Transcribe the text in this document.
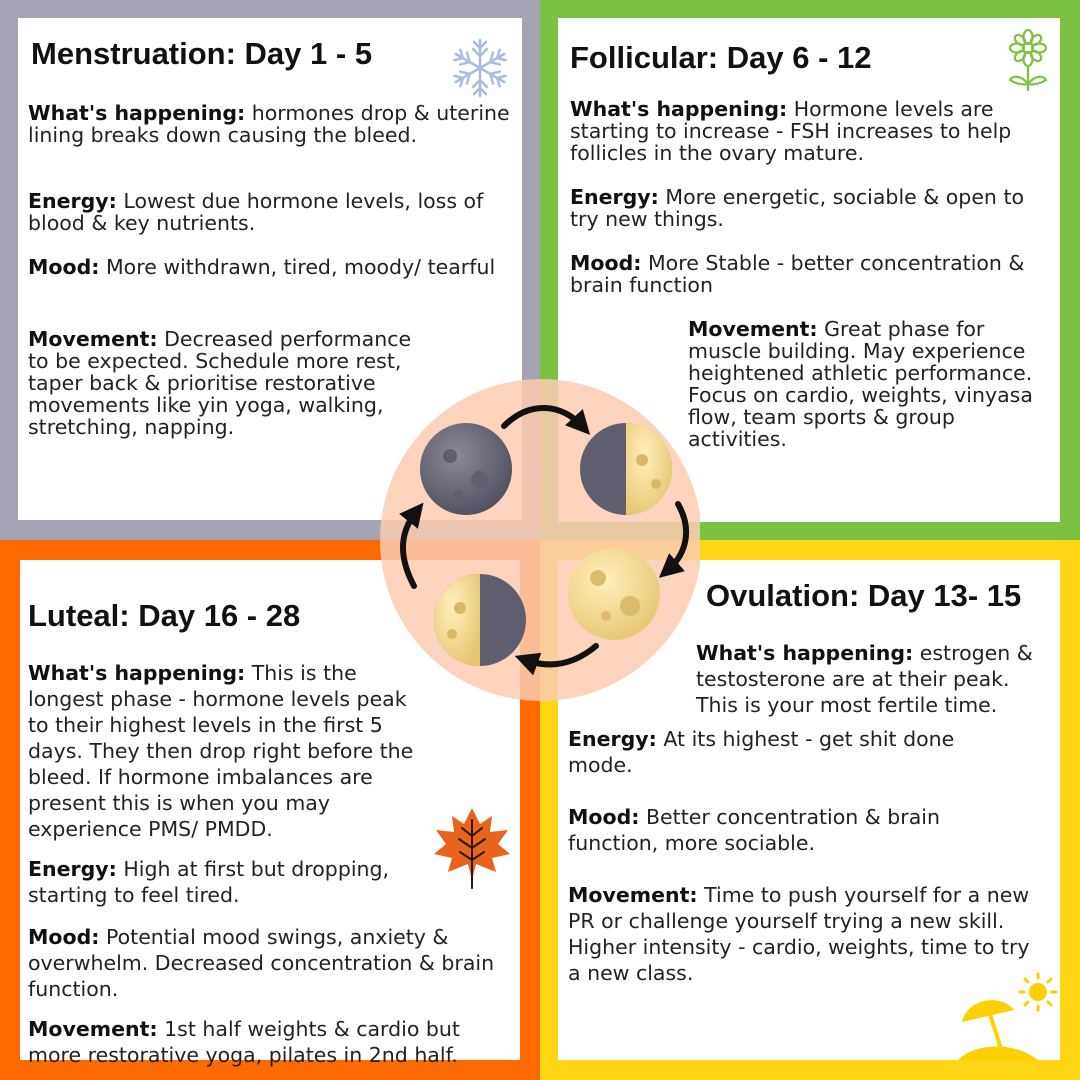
Menstruation: Day 1 - 5

What's happening: hormones drop & uterine lining breaks down causing the bleed.

Energy: Lowest due hormone levels, loss of blood & key nutrients.

Mood: More withdrawn, tired, moody/ tearful

Movement: Decreased performance to be expected. Schedule more rest, taper back & prioritise restorative movements like yin yoga, walking, stretching, napping.

Follicular: Day 6 - 12

What's happening: Hormone levels are starting to increase - FSH increases to help follicles in the ovary mature.

Energy: More energetic, sociable & open to try new things.

Mood: More Stable - better concentration & brain function

Movement: Great phase for muscle building. May experience heightened athletic performance. Focus on cardio, weights, vinyasa flow, team sports & group activities.

Luteal: Day 16 - 28

What's happening: This is the longest phase - hormone levels peak to their highest levels in the first 5 days. They then drop right before the bleed. If hormone imbalances are present this is when you may experience PMS/ PMDD.

Energy: High at first but dropping, starting to feel tired.

Mood: Potential mood swings, anxiety & overwhelm. Decreased concentration & brain function.

Movement: 1st half weights & cardio but more restorative yoga, pilates in 2nd half.

Ovulation: Day 13- 15

What's happening: estrogen & testosterone are at their peak. This is your most fertile time.

Energy: At its highest - get shit done mode.

Mood: Better concentration & brain function, more sociable.

Movement: Time to push yourself for a new PR or challenge yourself trying a new skill. Higher intensity - cardio, weights, time to try a new class.
